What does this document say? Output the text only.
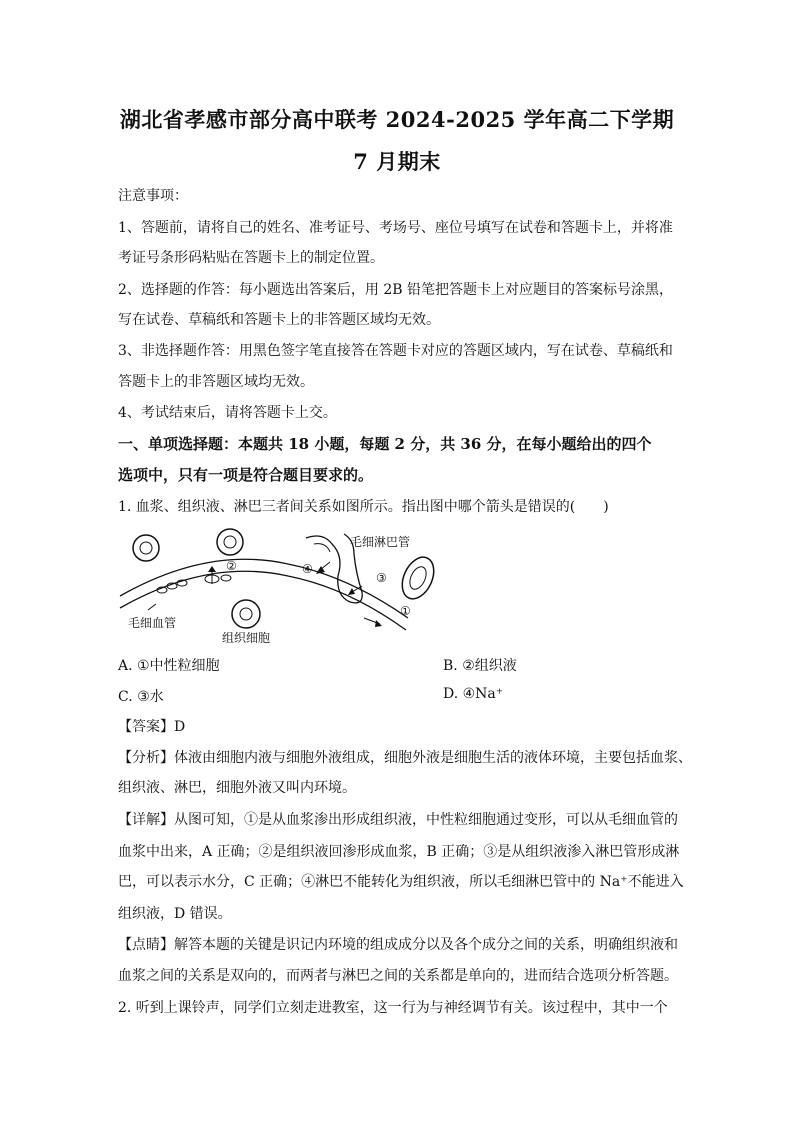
湖北省孝感市部分高中联考 2024-2025 学年高二下学期
7 月期末
注意事项：
1、答题前，请将自己的姓名、准考证号、考场号、座位号填写在试卷和答题卡上，并将准
考证号条形码粘贴在答题卡上的制定位置。
2、选择题的作答：每小题选出答案后，用 2B 铅笔把答题卡上对应题目的答案标号涂黑，
写在试卷、草稿纸和答题卡上的非答题区域均无效。
3、非选择题作答：用黑色签字笔直接答在答题卡对应的答题区域内，写在试卷、草稿纸和
答题卡上的非答题区域均无效。
4、考试结束后，请将答题卡上交。
一、单项选择题：本题共 18 小题，每题 2 分，共 36 分，在每小题给出的四个
选项中，只有一项是符合题目要求的。
1. 血浆、组织液、淋巴三者间关系如图所示。指出图中哪个箭头是错误的(　　)
毛细淋巴管
毛细血管
组织细胞
②	④
③
①
A. ①中性粒细胞	B. ②组织液
C. ③水	D. ④Na⁺
【答案】D
【分析】体液由细胞内液与细胞外液组成，细胞外液是细胞生活的液体环境，主要包括血浆、
组织液、淋巴，细胞外液又叫内环境。
【详解】从图可知，①是从血浆渗出形成组织液，中性粒细胞通过变形，可以从毛细血管的
血浆中出来，A 正确；②是组织液回渗形成血浆，B 正确；③是从组织液渗入淋巴管形成淋
巴，可以表示水分，C 正确；④淋巴不能转化为组织液，所以毛细淋巴管中的 Na⁺不能进入
组织液，D 错误。
【点睛】解答本题的关键是识记内环境的组成成分以及各个成分之间的关系，明确组织液和
血浆之间的关系是双向的，而两者与淋巴之间的关系都是单向的，进而结合选项分析答题。
2. 听到上课铃声，同学们立刻走进教室，这一行为与神经调节有关。该过程中，其中一个
